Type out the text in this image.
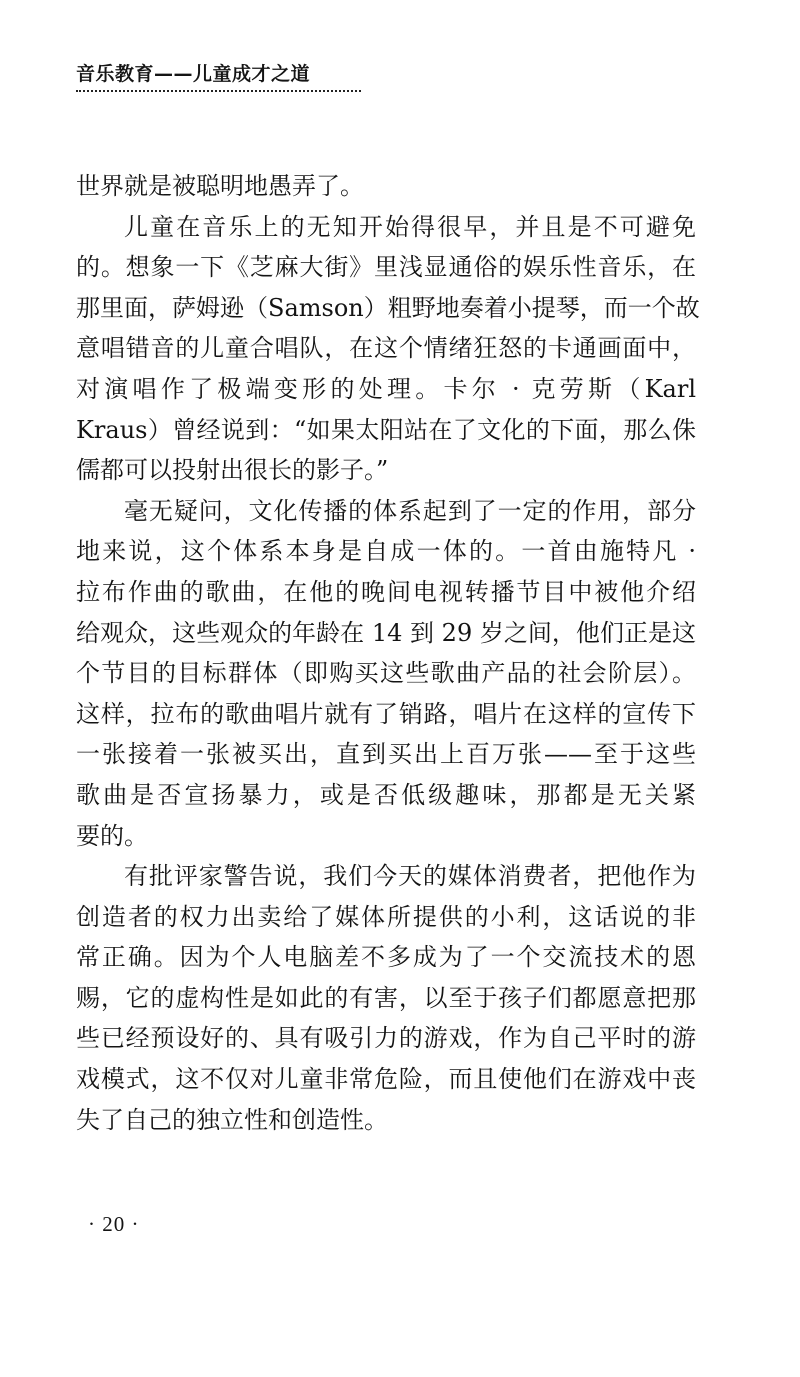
音乐教育——儿童成才之道
世界就是被聪明地愚弄了。
儿童在音乐上的无知开始得很早，并且是不可避免
的。想象一下《芝麻大街》里浅显通俗的娱乐性音乐，在
那里面，萨姆逊（Samson）粗野地奏着小提琴，而一个故
意唱错音的儿童合唱队，在这个情绪狂怒的卡通画面中，
对演唱作了极端变形的处理。卡尔 · 克劳斯（Karl
Kraus）曾经说到：“如果太阳站在了文化的下面，那么侏
儒都可以投射出很长的影子。”
毫无疑问，文化传播的体系起到了一定的作用，部分
地来说，这个体系本身是自成一体的。一首由施特凡 ·
拉布作曲的歌曲，在他的晚间电视转播节目中被他介绍
给观众，这些观众的年龄在 14 到 29 岁之间，他们正是这
个节目的目标群体（即购买这些歌曲产品的社会阶层）。
这样，拉布的歌曲唱片就有了销路，唱片在这样的宣传下
一张接着一张被买出，直到买出上百万张——至于这些
歌曲是否宣扬暴力，或是否低级趣味，那都是无关紧
要的。
有批评家警告说，我们今天的媒体消费者，把他作为
创造者的权力出卖给了媒体所提供的小利，这话说的非
常正确。因为个人电脑差不多成为了一个交流技术的恩
赐，它的虚构性是如此的有害，以至于孩子们都愿意把那
些已经预设好的、具有吸引力的游戏，作为自己平时的游
戏模式，这不仅对儿童非常危险，而且使他们在游戏中丧
失了自己的独立性和创造性。
· 20 ·
